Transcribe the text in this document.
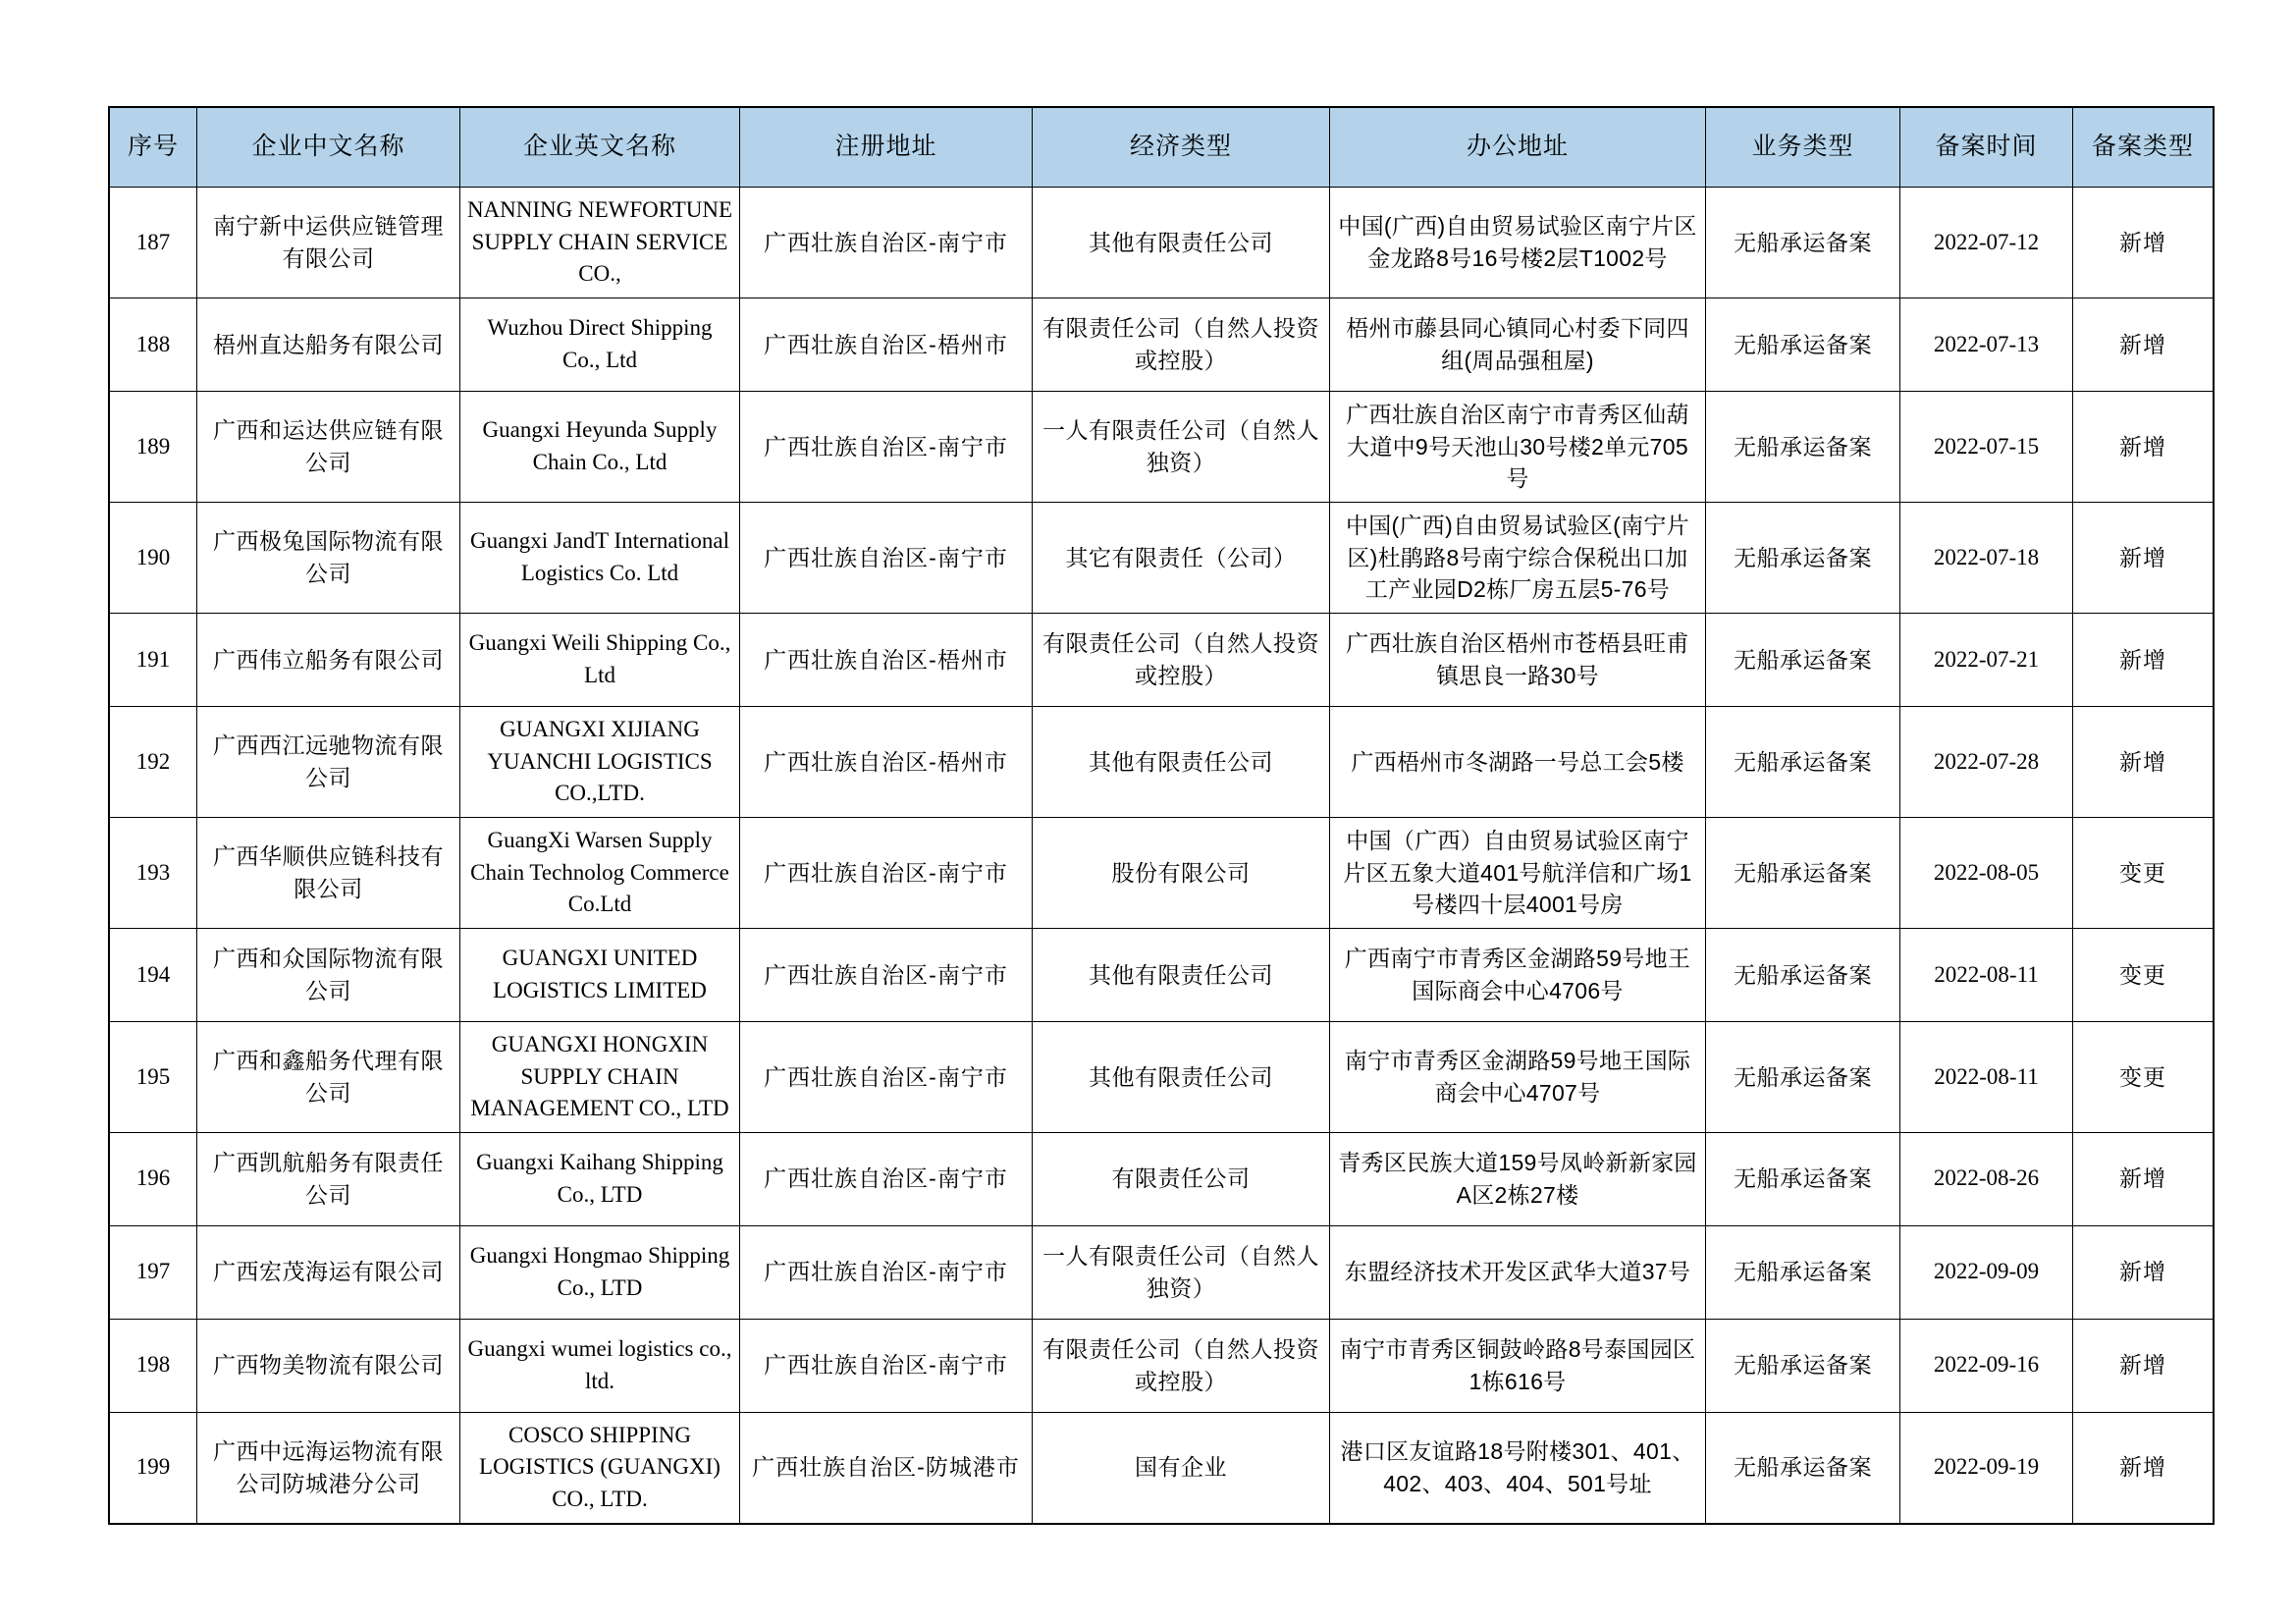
序号	企业中文名称	企业英文名称	注册地址	经济类型	办公地址	业务类型	备案时间	备案类型
187	南宁新中运供应链管理有限公司	NANNING NEWFORTUNE SUPPLY CHAIN SERVICE CO.,	广西壮族自治区-南宁市	其他有限责任公司	中国(广西)自由贸易试验区南宁片区金龙路8号16号楼2层T1002号	无船承运备案	2022-07-12	新增
188	梧州直达船务有限公司	Wuzhou Direct Shipping Co., Ltd	广西壮族自治区-梧州市	有限责任公司（自然人投资或控股）	梧州市藤县同心镇同心村委下同四组(周品强租屋)	无船承运备案	2022-07-13	新增
189	广西和运达供应链有限公司	Guangxi Heyunda Supply Chain Co., Ltd	广西壮族自治区-南宁市	一人有限责任公司（自然人独资）	广西壮族自治区南宁市青秀区仙葫大道中9号天池山30号楼2单元705号	无船承运备案	2022-07-15	新增
190	广西极兔国际物流有限公司	Guangxi JandT International Logistics Co. Ltd	广西壮族自治区-南宁市	其它有限责任（公司）	中国(广西)自由贸易试验区(南宁片区)杜鹃路8号南宁综合保税出口加工产业园D2栋厂房五层5-76号	无船承运备案	2022-07-18	新增
191	广西伟立船务有限公司	Guangxi Weili Shipping Co., Ltd	广西壮族自治区-梧州市	有限责任公司（自然人投资或控股）	广西壮族自治区梧州市苍梧县旺甫镇思良一路30号	无船承运备案	2022-07-21	新增
192	广西西江远驰物流有限公司	GUANGXI XIJIANG YUANCHI LOGISTICS CO.,LTD.	广西壮族自治区-梧州市	其他有限责任公司	广西梧州市冬湖路一号总工会5楼	无船承运备案	2022-07-28	新增
193	广西华顺供应链科技有限公司	GuangXi Warsen Supply Chain Technolog Commerce Co.Ltd	广西壮族自治区-南宁市	股份有限公司	中国（广西）自由贸易试验区南宁片区五象大道401号航洋信和广场1号楼四十层4001号房	无船承运备案	2022-08-05	变更
194	广西和众国际物流有限公司	GUANGXI UNITED LOGISTICS LIMITED	广西壮族自治区-南宁市	其他有限责任公司	广西南宁市青秀区金湖路59号地王国际商会中心4706号	无船承运备案	2022-08-11	变更
195	广西和鑫船务代理有限公司	GUANGXI HONGXIN SUPPLY CHAIN MANAGEMENT CO., LTD	广西壮族自治区-南宁市	其他有限责任公司	南宁市青秀区金湖路59号地王国际商会中心4707号	无船承运备案	2022-08-11	变更
196	广西凯航船务有限责任公司	Guangxi Kaihang Shipping Co., LTD	广西壮族自治区-南宁市	有限责任公司	青秀区民族大道159号凤岭新新家园A区2栋27楼	无船承运备案	2022-08-26	新增
197	广西宏茂海运有限公司	Guangxi Hongmao Shipping Co., LTD	广西壮族自治区-南宁市	一人有限责任公司（自然人独资）	东盟经济技术开发区武华大道37号	无船承运备案	2022-09-09	新增
198	广西物美物流有限公司	Guangxi wumei logistics co., ltd.	广西壮族自治区-南宁市	有限责任公司（自然人投资或控股）	南宁市青秀区铜鼓岭路8号泰国园区1栋616号	无船承运备案	2022-09-16	新增
199	广西中远海运物流有限公司防城港分公司	COSCO SHIPPING LOGISTICS (GUANGXI) CO., LTD.	广西壮族自治区-防城港市	国有企业	港口区友谊路18号附楼301、401、402、403、404、501号址	无船承运备案	2022-09-19	新增
